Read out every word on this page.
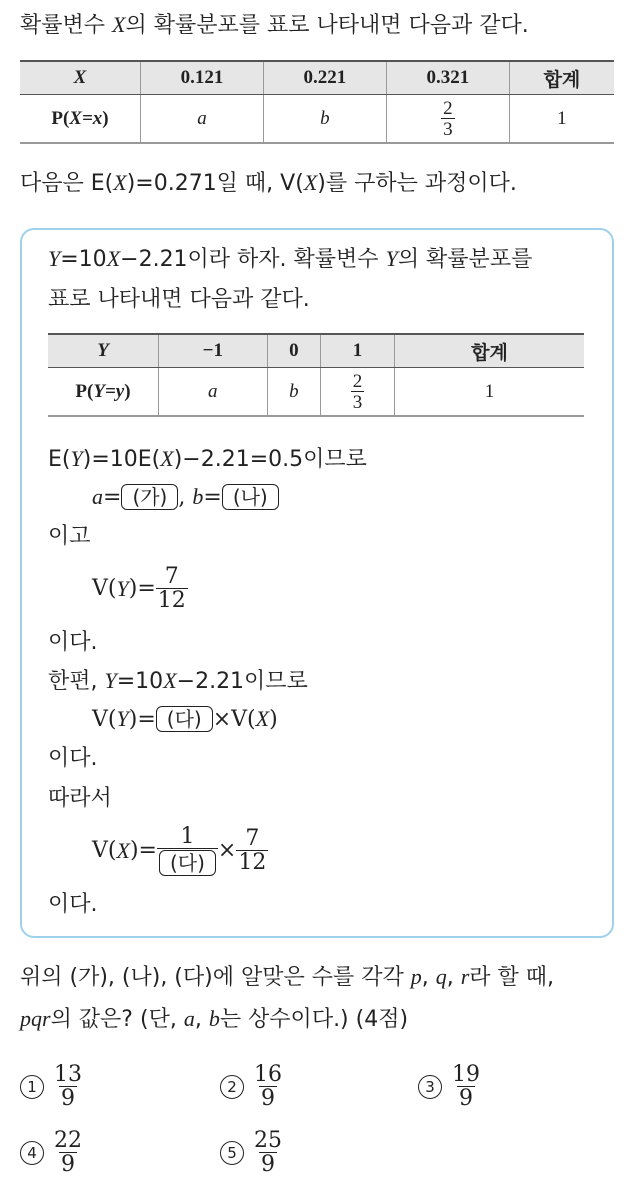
확률변수 X의 확률분포를 표로 나타내면 다음과 같다.
X	0.121	0.221	0.321	합계
P(X=x)	a	b	$\frac{2}{3}$	1
다음은 E(X)=0.271일 때, V(X)를 구하는 과정이다.
Y=10X−2.21이라 하자. 확률변수 Y의 확률분포를
표로 나타내면 다음과 같다.
Y	−1	0	1	합계
P(Y=y)	a	b	$\frac{2}{3}$	1
E(Y)=10E(X)−2.21=0.5이므로
a= (가) , b= (나)
이고
V( Y )= $\frac{7}{12}$
이다.
한편, Y=10X−2.21이므로
V(Y)= (다) ×V(X)
이다.
따라서
V( X )= $\frac{1}{\text{(다)}} \times \frac{7}{12}$
이다.
위의 (가), (나), (다)에 알맞은 수를 각각 p, q, r라 할 때,
pqr의 값은? (단, a, b는 상수이다.) (4점)
$1 \frac{13}{9}$	$2 \frac{16}{9}$	$3 \frac{19}{9}$
$4 \frac{22}{9}$	$5 \frac{25}{9}$
